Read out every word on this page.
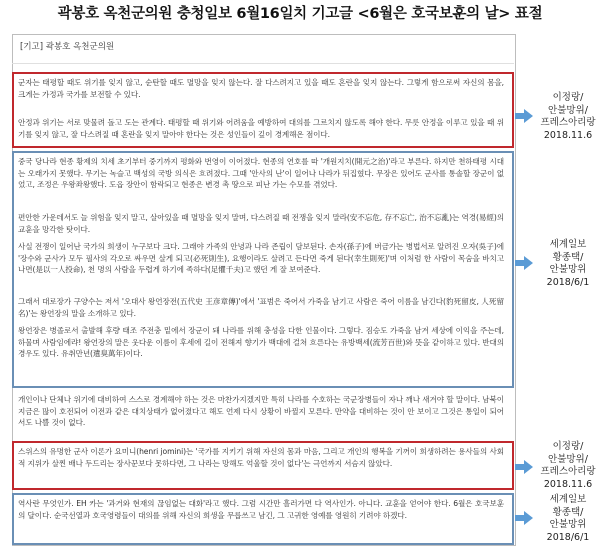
곽봉호 옥천군의원 충청일보 6월16일치 기고글 <6월은 호국보훈의 날> 표절
[기고] 곽봉호 옥천군의원
군자는 태평할 때도 위기를 잊지 않고, 순탄할 때도 멸망을 잊지 않는다. 잘 다스려지고 있을 때도 혼란을 잊지 않는다. 그렇게 함으로써 자신의 몸을, 크게는 가정과 국가를 보전할 수 있다.
안정과 위기는 서로 맞물려 돌고 도는 관계다. 태평할 때 위기와 어려움을 예방하여 대의를 그르치지 않도록 해야 한다. 무릇 안정을 이루고 있을 때 위기를 잊지 않고, 잘 다스려질 때 혼란을 잊지 말아야 한다는 것은 성인들이 깊이 경계해온 점이다.
중국 당나라 현종 황제의 치세 초기부터 중기까지 평화와 번영이 이어졌다. 현종의 연호를 따 '개원지치(開元之治)'라고 부른다. 하지만 천하태평 시대는 오래가지 못했다. 무기는 녹슬고 백성의 국방 의식은 흐려졌다. 그때 '안사의 난'이 일어나 나라가 뒤집혔다. 무장은 있어도 군사를 통솔할 장군이 없었고, 조정은 우왕좌왕했다. 도읍 장안이 함락되고 현종은 변경 촉 땅으로 피난 가는 수모를 겪었다.
편안한 가운데서도 늘 위험을 잊지 말고, 살아있을 때 멸망을 잊지 말며, 다스려질 때 전쟁을 잊지 말라(安不忘危, 存不忘亡, 治不忘亂)는 역경(易經)의 교훈을 망각한 탓이다.
사실 전쟁이 일어난 국가의 희생이 누구보다 크다. 그래야 가족의 안녕과 나라 존립이 담보된다. 손자(孫子)에 버금가는 병법서로 알려진 오자(吳子)에 '장수와 군사가 모두 필사의 각오로 싸우면 살게 되고(必死則生), 요행이라도 살려고 든다면 죽게 된다(幸生則死)'며 이처럼 한 사람이 목숨을 바치고 나면(是以一人投命), 천 명의 사람을 두렵게 하기에 족하다(足懼千夫)고 했던 게 잘 보여준다.
그래서 대로장가 구양수는 저서 '오대사 왕언장전(五代史 王彦章傳)'에서 '표범은 죽어서 가죽을 남기고 사람은 죽어 이름을 남긴다(豹死留皮, 人死留名)'는 왕언장의 말을 소개하고 있다.
왕언장은 병졸로서 출발해 후량 태조 주전충 밑에서 장군이 돼 나라를 위해 충성을 다한 인물이다. 그렇다. 짐승도 가죽을 남겨 세상에 이익을 주는데, 하물며 사람임에랴! 왕언장의 말은 웃다운 이름이 후세에 길이 전해져 향기가 백대에 걸쳐 흐른다는 유방백세(流芳百世)와 뜻을 같이하고 있다. 반대의 경우도 있다. 유취만년(遺臭萬年)이다.
개인이나 단체나 위기에 대비하여 스스로 경계해야 하는 것은 마찬가지겠지만 특히 나라를 수호하는 국군장병들이 자나 깨나 새겨야 할 말이다. 남북이 지금은 많이 호전되어 이전과 같은 대치상태가 없어졌다고 해도 언제 다시 상황이 바뀔지 모른다. 만약을 대비하는 것이 안 보이고 그것은 통일이 되어서도 나쁠 것이 없다.
스위스의 유명한 군사 이론가 요미니(henri jomini)는 '국가를 지키기 위해 자신의 몸과 마음, 그리고 개인의 행복을 기꺼이 희생하려는 용사들의 사회적 지위가 살찐 배나 두드리는 장사꾼보다 못하다면, 그 나라는 망해도 억울할 것이 없다'는 극언까지 서슴지 않았다.
역사란 무엇인가. EH 카는 '과거와 현재의 끊임없는 대화'라고 했다. 그럼 시간만 흘러가면 다 역사인가. 아니다. 교훈을 얻어야 한다. 6월은 호국보훈의 달이다. 순국선열과 호국영령들이 대의를 위해 자신의 희생을 무릅쓰고 남긴, 그 고귀한 영예를 영원히 기려야 하겠다.
이정랑/
안불망위/
프레스아리랑
2018.11.6
세계일보
황종택/
안불망위
2018/6/1
이정랑/
안불망위/
프레스아리랑
2018.11.6
세계일보
황종택/
안불망위
2018/6/1
